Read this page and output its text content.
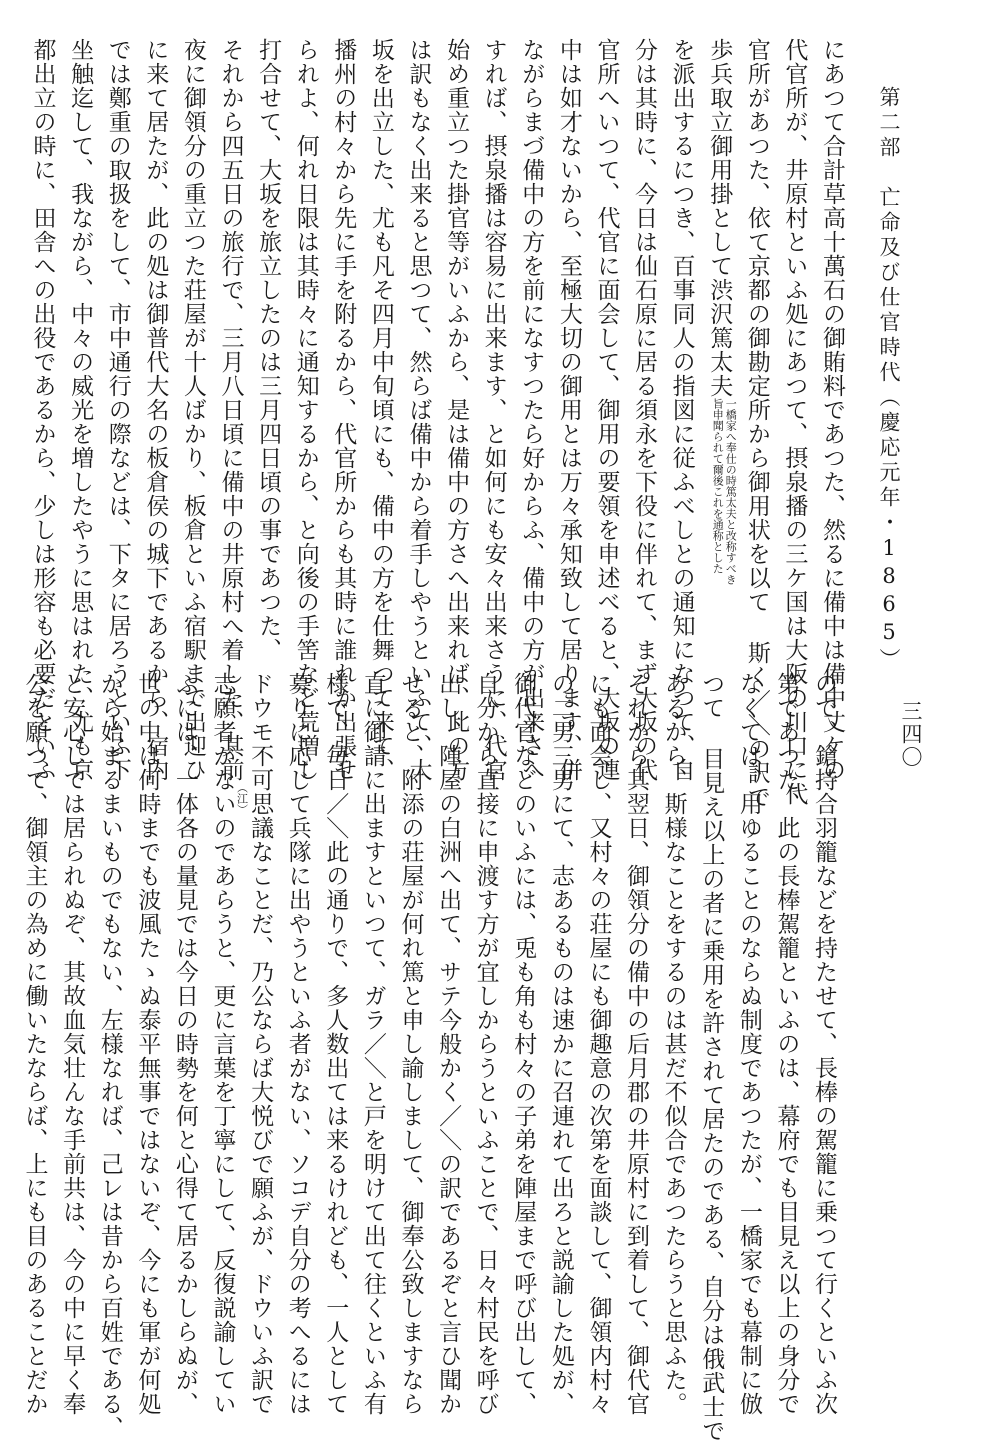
第二部　亡命及び仕官時代（慶応元年・1865）
三四〇
にあつて合計草高十萬石の御賄料であつた、然るに備中は備中丈ケの
代官所が、井原村といふ処にあつて、摂泉播の三ケ国は大阪の川口に代
官所があつた、依て京都の御勘定所から御用状を以て 斯く／＼の訳で
歩兵取立御用掛として渋沢篤太夫
一橋家へ奉仕の時篤太夫と改称すべき
旨申聞られて爾後これを通称とした
を派出するにつき、百事同人の指図に従ふべしとの通知になつて、自
分は其時に、今日は仙石原に居る須永を下役に伴れて、まず大坂の代
官所へいつて、代官に面会して、御用の要領を申述べると、大坂の連
中は如才ないから、至極大切の御用とは万々承知致して居ります、併
ながらまづ備中の方を前になすつたら好からふ、備中の方が出来さへ
すれば、摂泉播は容易に出来ます、と如何にも安々出来さうに、代官
始め重立つた掛官等がいふから、是は備中の方さへ出来れば、此の方
は訳もなく出来ると思つて、然らば備中から着手しやうといふて、大
坂を出立した、尤も凡そ四月中旬頃にも、備中の方を仕舞つて来て、
播州の村々から先に手を附るから、代官所からも其時に誰れか出張せ
られよ、何れ日限は其時々に通知するから、と向後の手筈など荒増し
打合せて、大坂を旅立したのは三月四日頃の事であつた、
それから四五日の旅行で、三月八日頃に備中の井原村へ着した、其前（江）
夜に御領分の重立つた荘屋が十人ばかり、板倉といふ宿駅まで出迎ひ
に来て居たが、此の処は御普代大名の板倉侯の城下であるから、宿内
では鄭重の取扱をして、市中通行の際などは、下タに居ろうといふ下
坐触迄して、我ながら、中々の威光を増したやうに思はれた、尤も京
都出立の時に、田舎への出役であるから、少しは形容も必要だといふ
ので、鎗持合羽籠などを持たせて、長棒の駕籠に乗つて行くといふ次
第であつた、此の長棒駕籠といふのは、幕府でも目見え以上の身分で
なくては、用ゆることのならぬ制度であつたが、一橋家でも幕制に倣
つて 目見え以上の者に乗用を許されて居たのである、自分は俄武士で
あるから、斯様なことをするのは甚だ不似合であつたらうと思ふた。
それから其翌日、御領分の備中の后月郡の井原村に到着して、御代官
にも面会し、又村々の荘屋にも御趣意の次第を面談して、御領内村々
の二男三男にて、志あるものは速かに召連れて出ろと説諭した処が、
御代官などのいふには、兎も角も村々の子弟を陣屋まで呼び出して、
自分から直接に申渡す方が宜しからうといふことで、日々村民を呼び
出し、陣屋の白洲へ出て、サテ今般かく／＼の訳であるぞと言ひ聞か
せると、附添の荘屋が何れ篤と申し諭しまして、御奉公致しますなら
直に御請に出ますといつて、ガラ／＼と戸を明けて出て往くといふ有
様で、毎日／＼此の通りで、多人数出ては来るけれども、一人として
募りに応じて兵隊に出やうといふ者がない、ソコデ自分の考へるには
ドウモ不可思議なことだ、乃公ならば大悦びで願ふが、ドウいふ訳で
志願者がないのであらうと、更に言葉を丁寧にして、反復説諭してい
ふには、一体各の量見では今日の時勢を何と心得て居るかしらぬが、
世の中は何時までも波風たゝぬ泰平無事ではないぞ、今にも軍が何処
から始まるまいものでもない、左様なれば、己レは昔から百姓である、
と安心しては居られぬぞ、其故血気壮んな手前共は、今の中に早く奉
公を願つて、御領主の為めに働いたならば、上にも目のあることだか
